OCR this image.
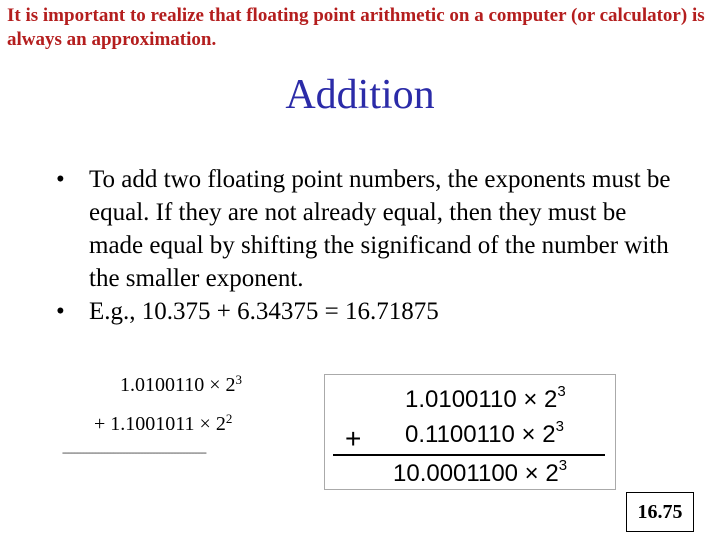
It is important to realize that floating point arithmetic on a computer (or calculator) is always an approximation.
Addition
• To add two floating point numbers, the exponents must be equal. If they are not already equal, then they must be made equal by shifting the significand of the number with the smaller exponent.
• E.g., 10.375 + 6.34375 = 16.71875
$1.0100110 \times 2^3$
+ $1.1001011 \times 2^2$
------------------------------------------------
$1.0100110 \times 2^3$
+ $0.1100110 \times 2^3$
$10.0001100 \times 2^3$
16.75
